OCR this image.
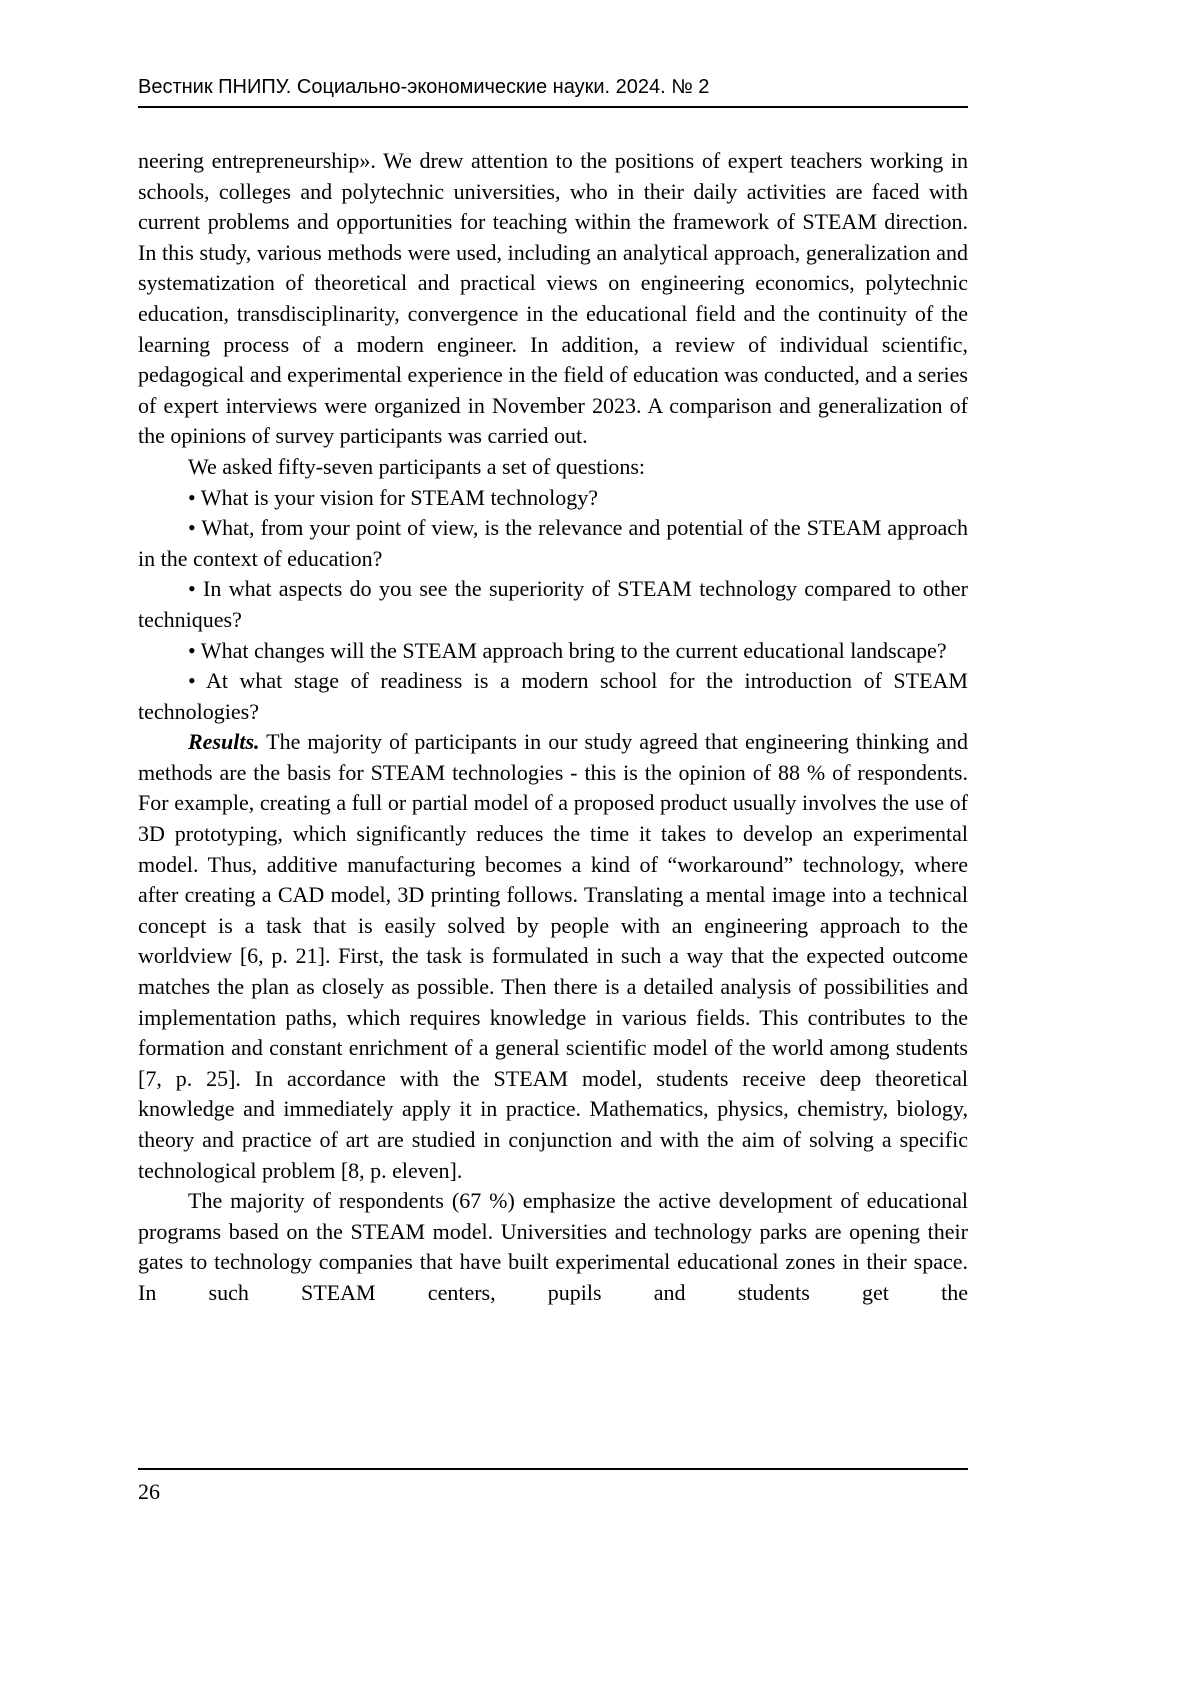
Вестник ПНИПУ. Социально-экономические науки. 2024. № 2

neering entrepreneurship». We drew attention to the positions of expert teachers working in schools, colleges and polytechnic universities, who in their daily activities are faced with current problems and opportunities for teaching within the framework of STEAM direction. In this study, various methods were used, including an analytical approach, generalization and systematization of theoretical and practical views on engineering economics, polytechnic education, transdisciplinarity, convergence in the educational field and the continuity of the learning process of a modern engineer. In addition, a review of individual scientific, pedagogical and experimental experience in the field of education was conducted, and a series of expert interviews were organized in November 2023. A comparison and generalization of the opinions of survey participants was carried out.

We asked fifty-seven participants a set of questions:

• What is your vision for STEAM technology?

• What, from your point of view, is the relevance and potential of the STEAM approach in the context of education?

• In what aspects do you see the superiority of STEAM technology compared to other techniques?

• What changes will the STEAM approach bring to the current educational landscape?

• At what stage of readiness is a modern school for the introduction of STEAM technologies?

Results. The majority of participants in our study agreed that engineering thinking and methods are the basis for STEAM technologies - this is the opinion of 88 % of respondents. For example, creating a full or partial model of a proposed product usually involves the use of 3D prototyping, which significantly reduces the time it takes to develop an experimental model. Thus, additive manufacturing becomes a kind of “workaround” technology, where after creating a CAD model, 3D printing follows. Translating a mental image into a technical concept is a task that is easily solved by people with an engineering approach to the worldview [6, p. 21]. First, the task is formulated in such a way that the expected outcome matches the plan as closely as possible. Then there is a detailed analysis of possibilities and implementation paths, which requires knowledge in various fields. This contributes to the formation and constant enrichment of a general scientific model of the world among students [7, p. 25]. In accordance with the STEAM model, students receive deep theoretical knowledge and immediately apply it in practice. Mathematics, physics, chemistry, biology, theory and practice of art are studied in conjunction and with the aim of solving a specific technological problem [8, p. eleven].

The majority of respondents (67 %) emphasize the active development of educational programs based on the STEAM model. Universities and technology parks are opening their gates to technology companies that have built experimental educational zones in their space. In such STEAM centers, pupils and students get the

26
